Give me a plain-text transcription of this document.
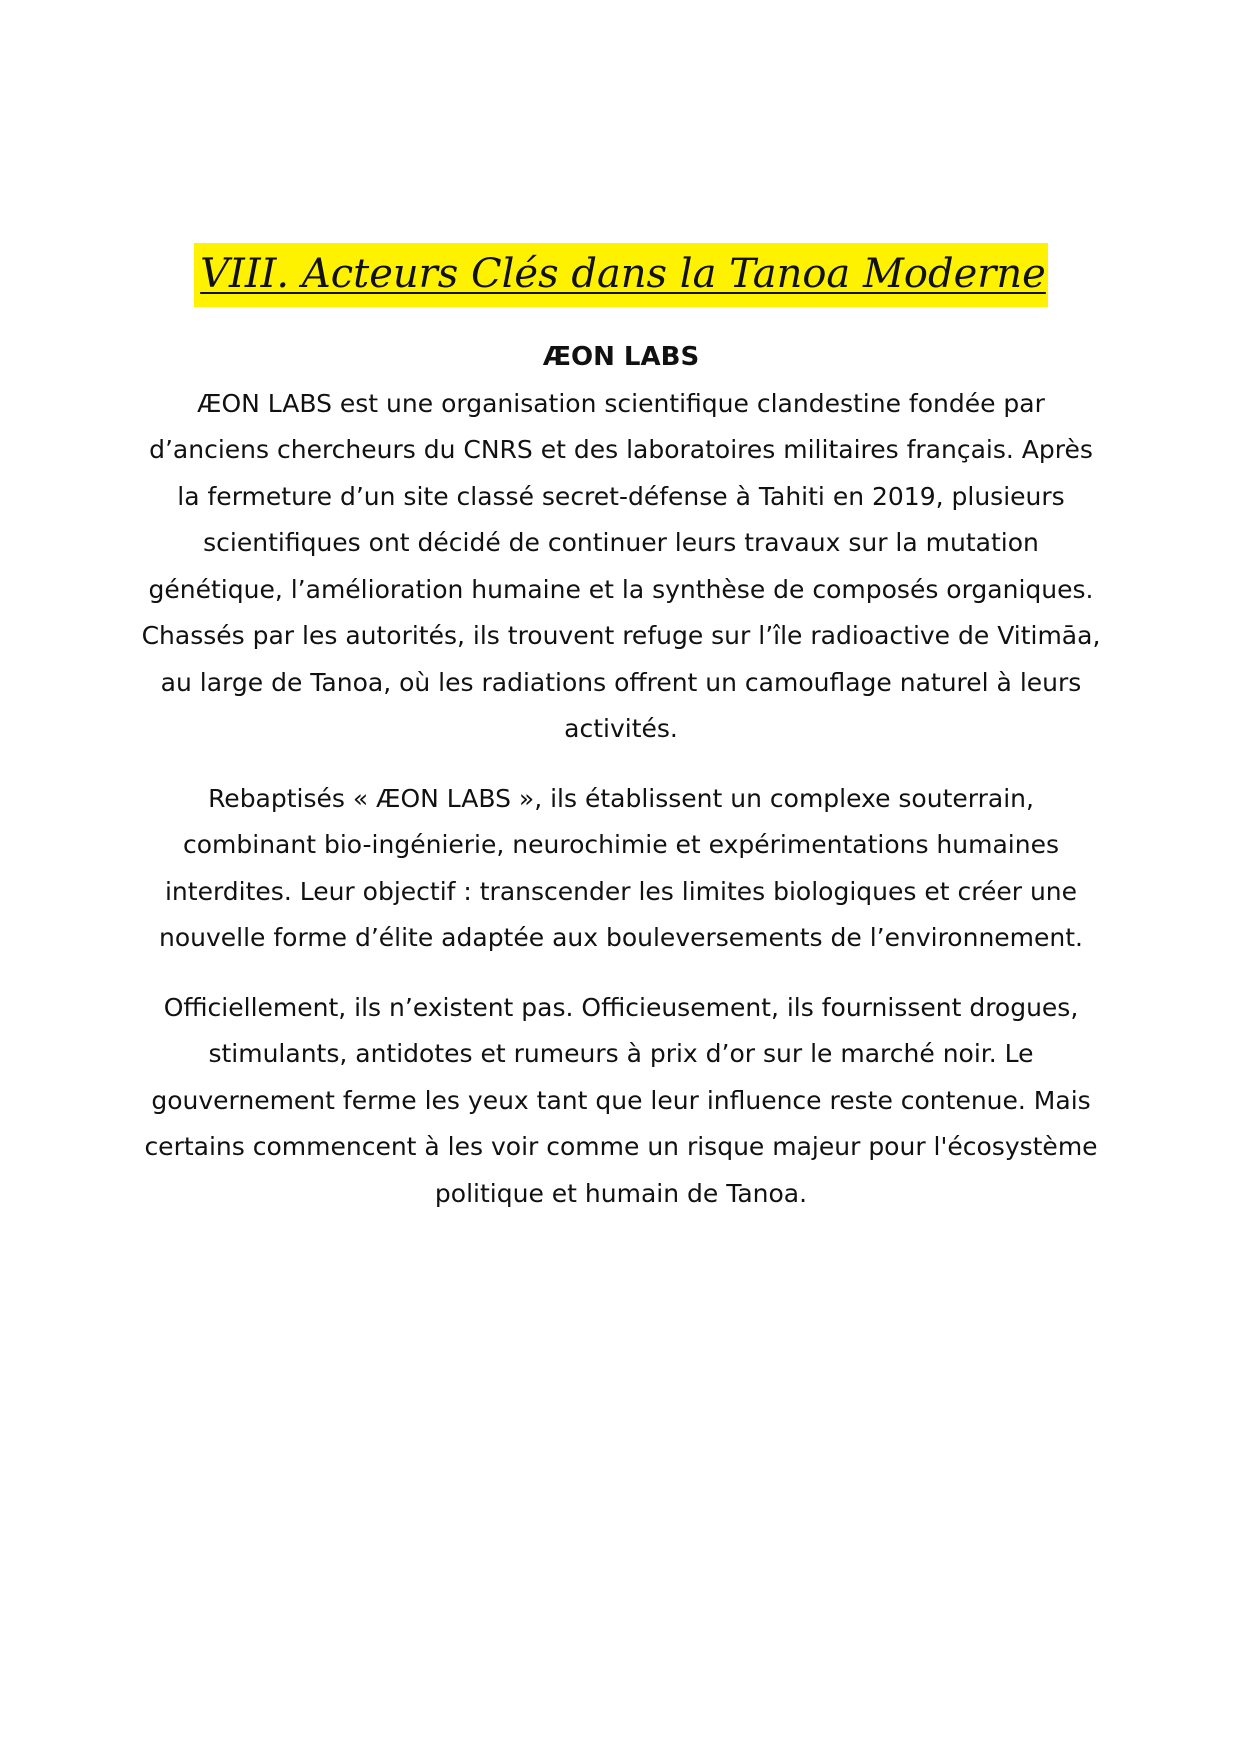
VIII. Acteurs Clés dans la Tanoa Moderne

ÆON LABS

ÆON LABS est une organisation scientifique clandestine fondée par d’anciens chercheurs du CNRS et des laboratoires militaires français. Après la fermeture d’un site classé secret-défense à Tahiti en 2019, plusieurs scientifiques ont décidé de continuer leurs travaux sur la mutation génétique, l’amélioration humaine et la synthèse de composés organiques. Chassés par les autorités, ils trouvent refuge sur l’île radioactive de Vitimāa, au large de Tanoa, où les radiations offrent un camouflage naturel à leurs activités.

Rebaptisés « ÆON LABS », ils établissent un complexe souterrain, combinant bio-ingénierie, neurochimie et expérimentations humaines interdites. Leur objectif : transcender les limites biologiques et créer une nouvelle forme d’élite adaptée aux bouleversements de l’environnement.

Officiellement, ils n’existent pas. Officieusement, ils fournissent drogues, stimulants, antidotes et rumeurs à prix d’or sur le marché noir. Le gouvernement ferme les yeux tant que leur influence reste contenue. Mais certains commencent à les voir comme un risque majeur pour l'écosystème politique et humain de Tanoa.
